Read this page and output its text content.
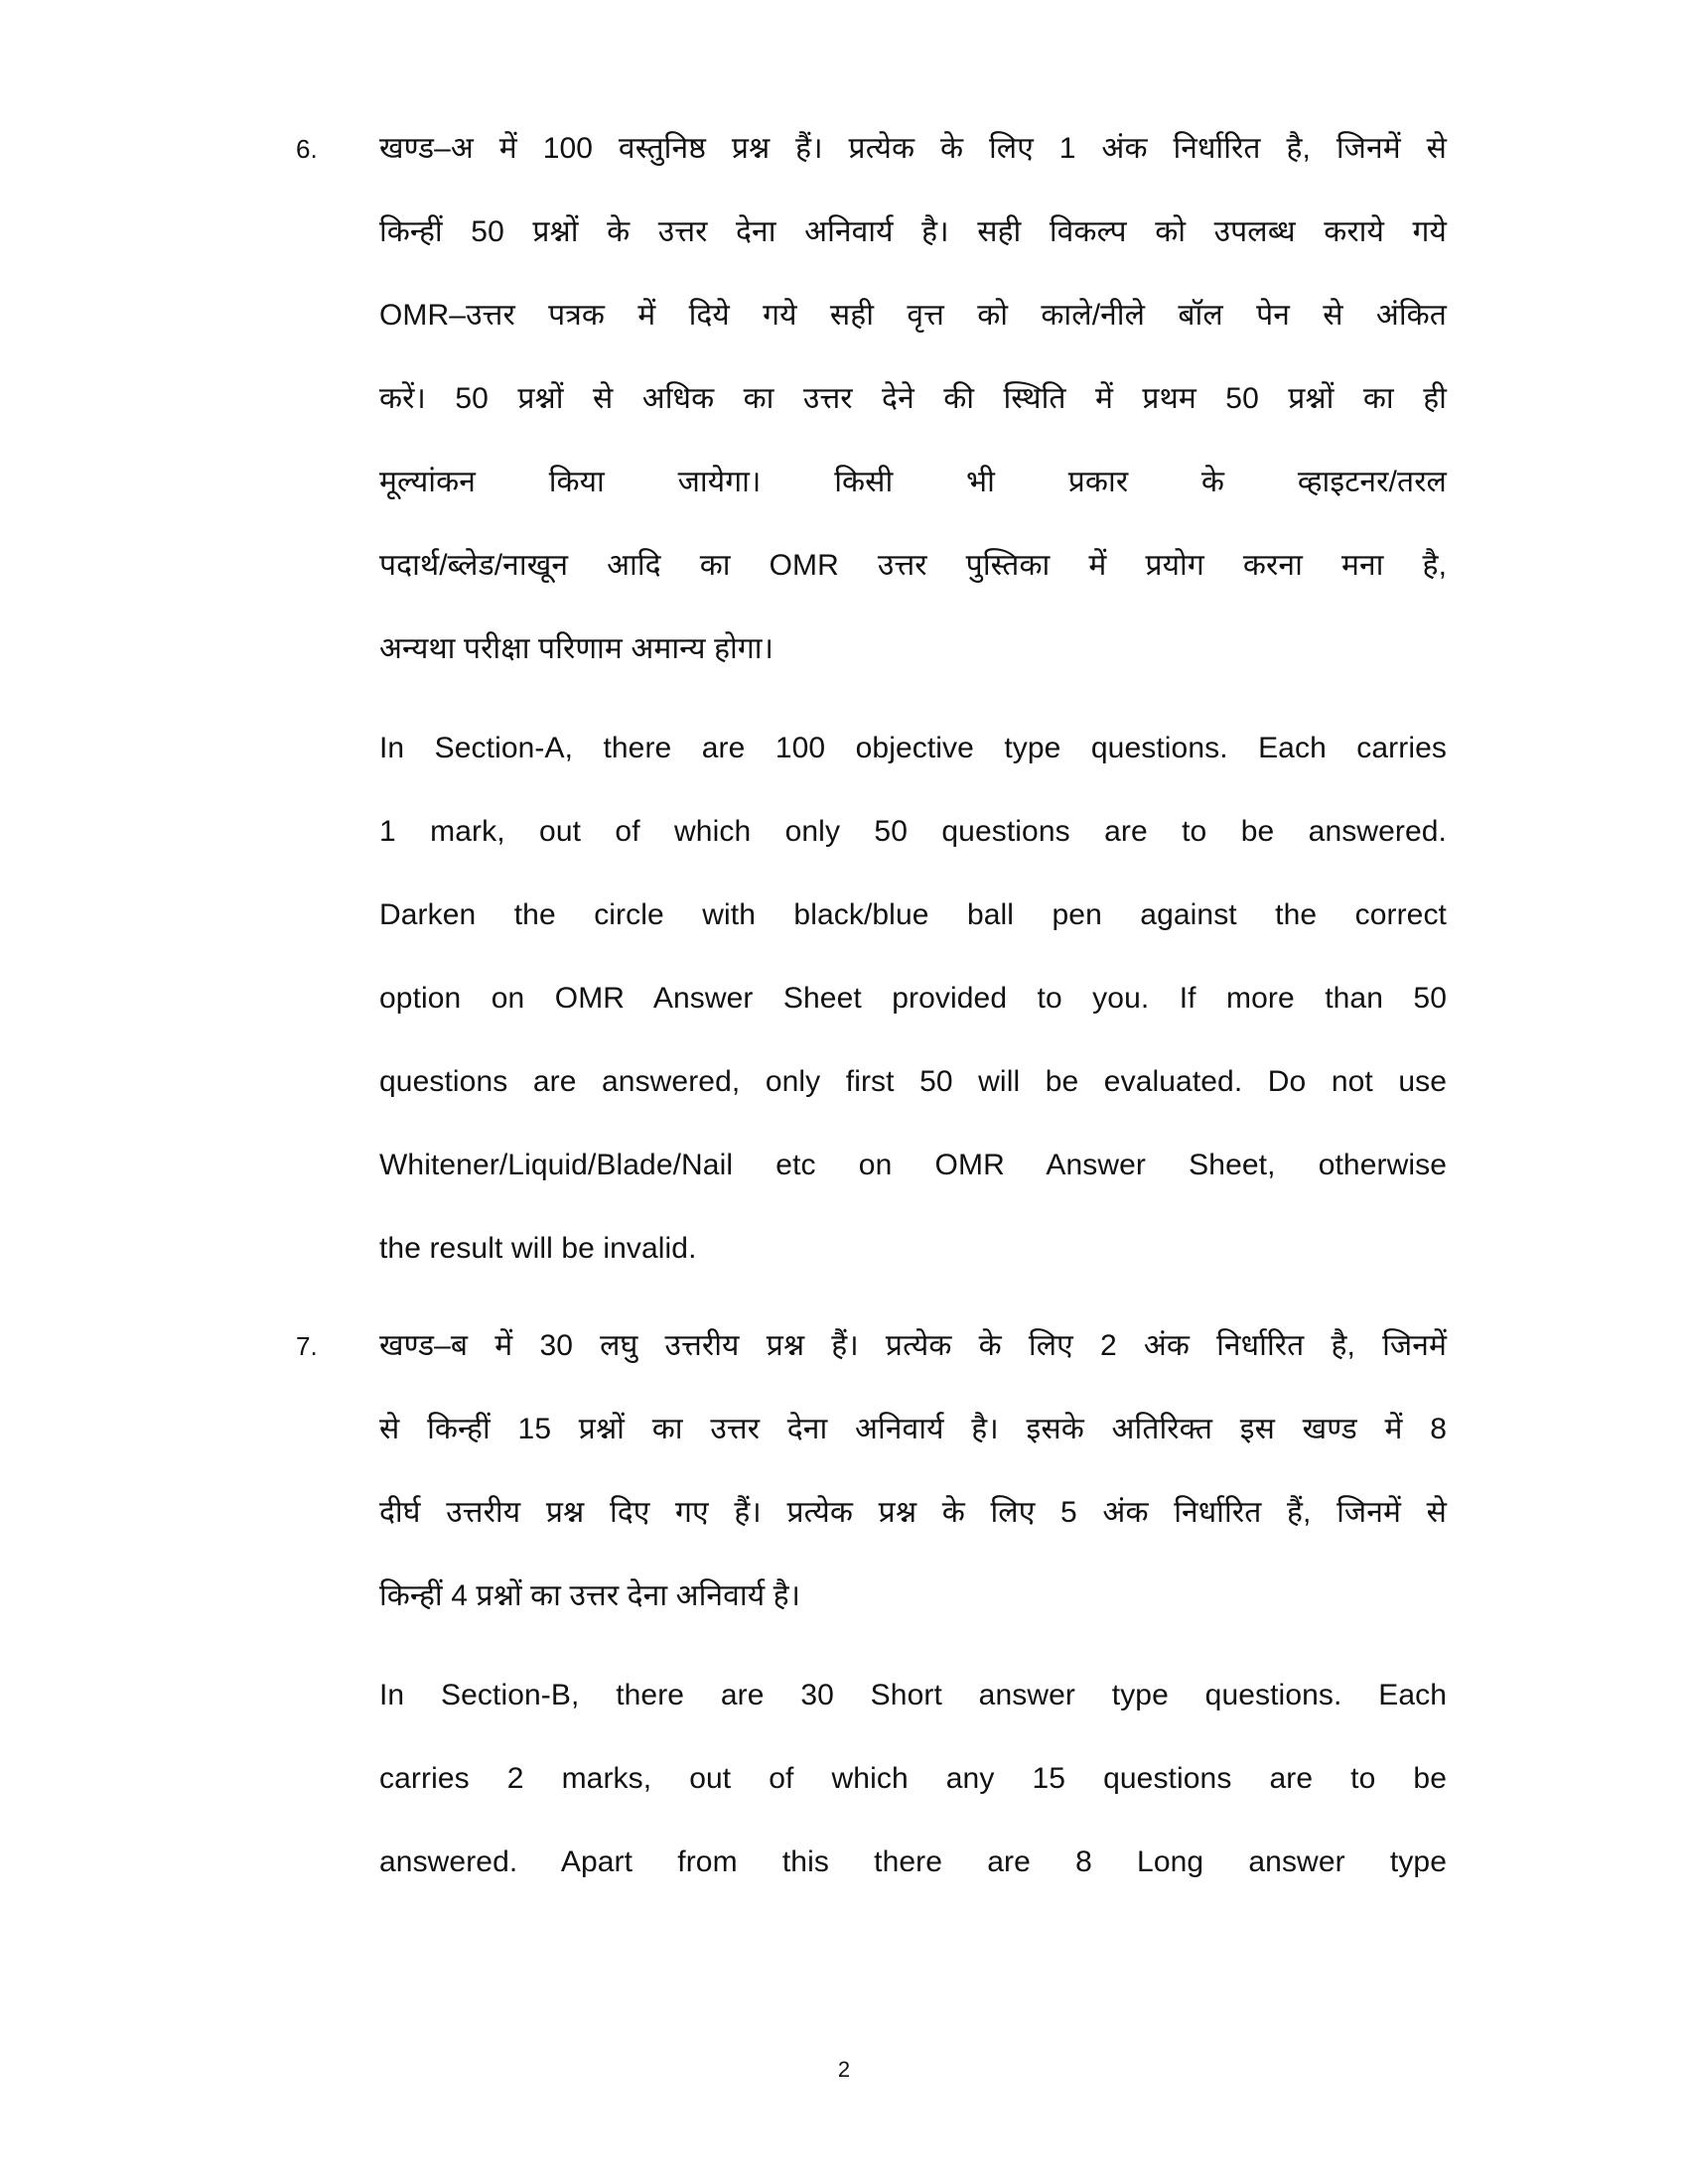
6.	खण्ड–अ में 100 वस्तुनिष्ठ प्रश्न हैं। प्रत्येक के लिए 1 अंक निर्धारित है, जिनमें से
किन्हीं 50 प्रश्नों के उत्तर देना अनिवार्य है। सही विकल्प को उपलब्ध कराये गये
OMR–उत्तर पत्रक में दिये गये सही वृत्त को काले/नीले बॉल पेन से अंकित
करें। 50 प्रश्नों से अधिक का उत्तर देने की स्थिति में प्रथम 50 प्रश्नों का ही
मूल्यांकन किया जायेगा। किसी भी प्रकार के व्हाइटनर/तरल
पदार्थ/ब्लेड/नाखून आदि का OMR उत्तर पुस्तिका में प्रयोग करना मना है,
अन्यथा परीक्षा परिणाम अमान्य होगा।
In Section-A, there are 100 objective type questions. Each carries
1 mark, out of which only 50 questions are to be answered.
Darken the circle with black/blue ball pen against the correct
option on OMR Answer Sheet provided to you. If more than 50
questions are answered, only first 50 will be evaluated. Do not use
Whitener/Liquid/Blade/Nail etc on OMR Answer Sheet, otherwise
the result will be invalid.
7.	खण्ड–ब में 30 लघु उत्तरीय प्रश्न हैं। प्रत्येक के लिए 2 अंक निर्धारित है, जिनमें
से किन्हीं 15 प्रश्नों का उत्तर देना अनिवार्य है। इसके अतिरिक्त इस खण्ड में 8
दीर्घ उत्तरीय प्रश्न दिए गए हैं। प्रत्येक प्रश्न के लिए 5 अंक निर्धारित हैं, जिनमें से
किन्हीं 4 प्रश्नों का उत्तर देना अनिवार्य है।
In Section-B, there are 30 Short answer type questions. Each
carries 2 marks, out of which any 15 questions are to be
answered. Apart from this there are 8 Long answer type
2
